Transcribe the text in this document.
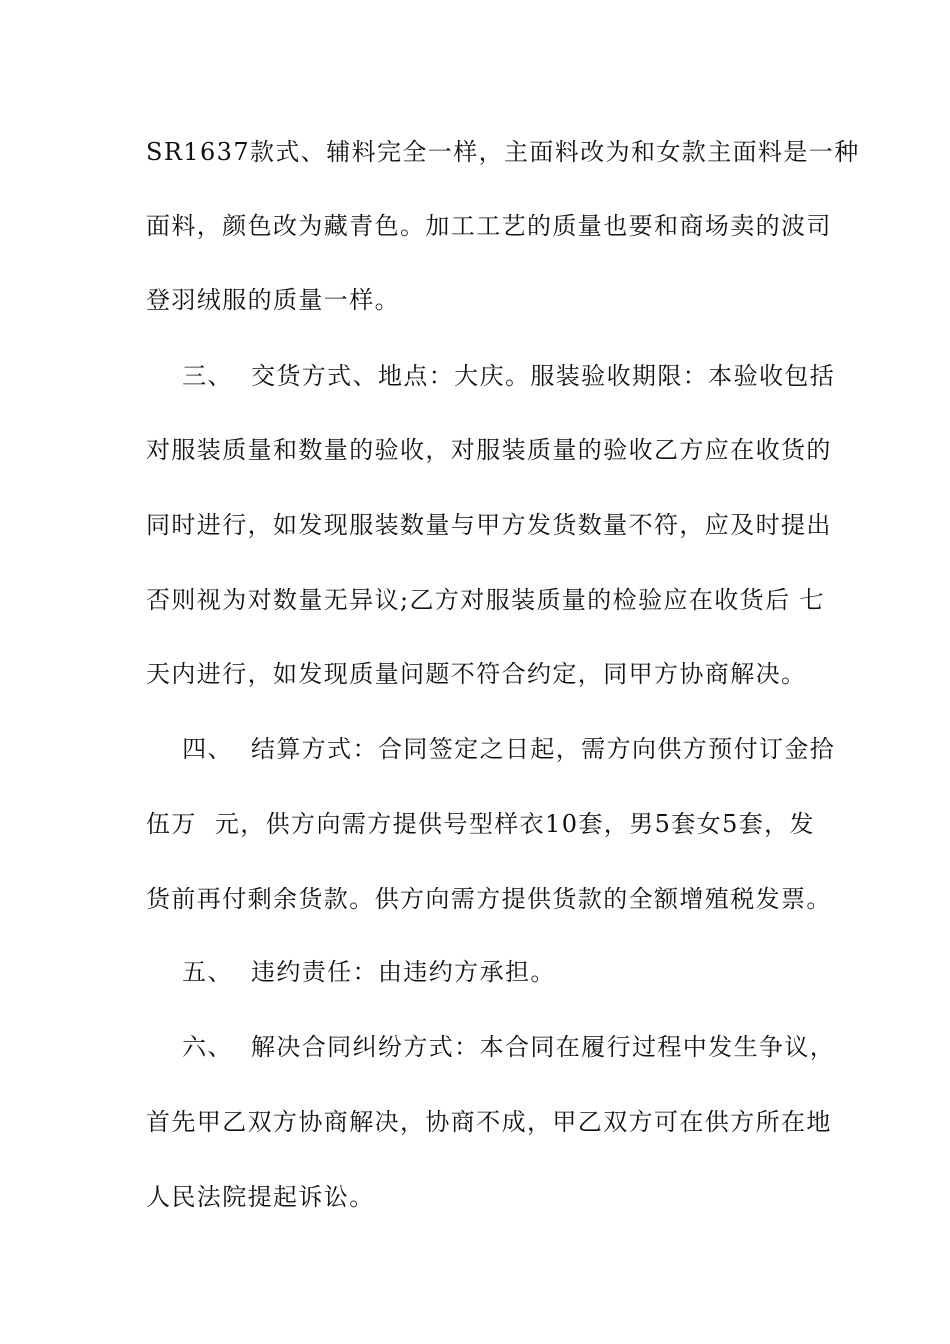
SR1637款式、辅料完全一样，主面料改为和女款主面料是一种
面料，颜色改为藏青色。加工工艺的质量也要和商场卖的波司
登羽绒服的质量一样。
三、  交货方式、地点：大庆。服装验收期限：本验收包括
对服装质量和数量的验收，对服装质量的验收乙方应在收货的
同时进行，如发现服装数量与甲方发货数量不符，应及时提出
否则视为对数量无异议;乙方对服装质量的检验应在收货后 七
天内进行，如发现质量问题不符合约定，同甲方协商解决。
四、  结算方式：合同签定之日起，需方向供方预付订金拾
伍万  元，供方向需方提供号型样衣10套，男5套女5套，发
货前再付剩余货款。供方向需方提供货款的全额增殖税发票。
五、  违约责任：由违约方承担。
六、  解决合同纠纷方式：本合同在履行过程中发生争议，
首先甲乙双方协商解决，协商不成，甲乙双方可在供方所在地
人民法院提起诉讼。
